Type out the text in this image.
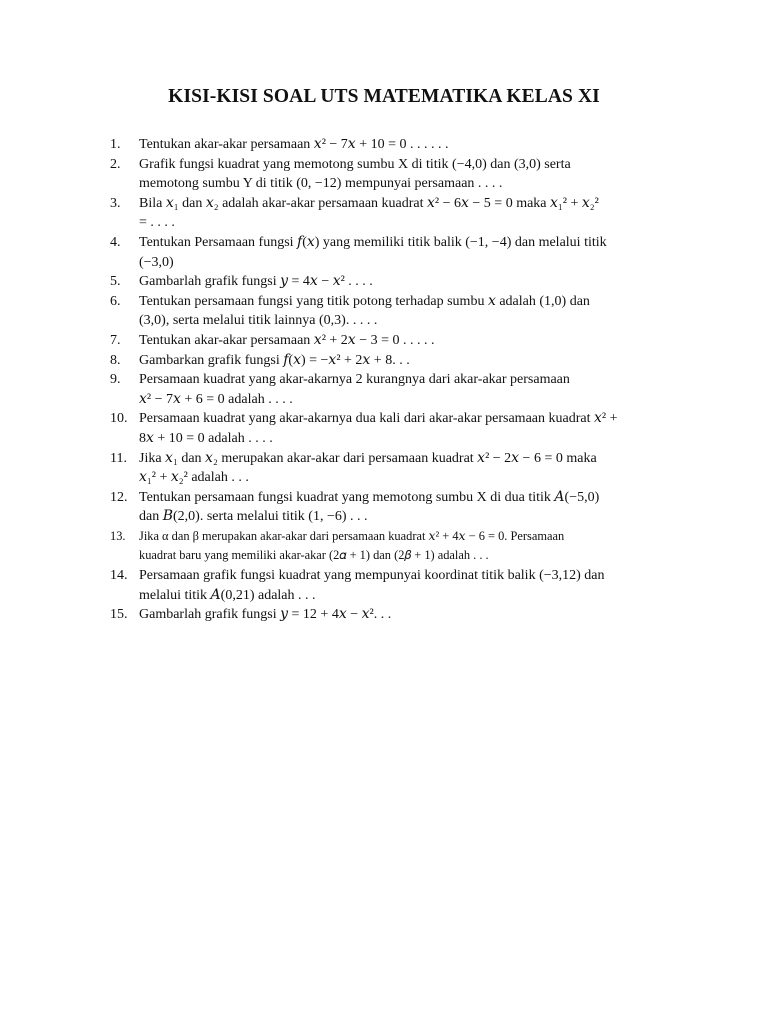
KISI-KISI SOAL UTS MATEMATIKA KELAS XI
1. Tentukan akar-akar persamaan 𝑥² − 7𝑥 + 10 = 0 . . . . . .
2. Grafik fungsi kuadrat yang memotong sumbu X di titik (−4,0) dan (3,0) serta
memotong sumbu Y di titik (0, −12) mempunyai persamaan . . . .
3. Bila 𝑥₁ dan 𝑥₂ adalah akar-akar persamaan kuadrat 𝑥² − 6𝑥 − 5 = 0 maka 𝑥₁² + 𝑥₂²
= . . . .
4. Tentukan Persamaan fungsi 𝑓(𝑥) yang memiliki titik balik (−1, −4) dan melalui titik
(−3,0)
5. Gambarlah grafik fungsi 𝑦 = 4𝑥 − 𝑥² . . . .
6. Tentukan persamaan fungsi yang titik potong terhadap sumbu 𝑥 adalah (1,0) dan
(3,0), serta melalui titik lainnya (0,3). . . . .
7. Tentukan akar-akar persamaan 𝑥² + 2𝑥 − 3 = 0 . . . . .
8. Gambarkan grafik fungsi 𝑓(𝑥) = −𝑥² + 2𝑥 + 8. . .
9. Persamaan kuadrat yang akar-akarnya 2 kurangnya dari akar-akar persamaan
𝑥² − 7𝑥 + 6 = 0 adalah . . . .
10. Persamaan kuadrat yang akar-akarnya dua kali dari akar-akar persamaan kuadrat 𝑥² +
8𝑥 + 10 = 0 adalah . . . .
11. Jika 𝑥₁ dan 𝑥₂ merupakan akar-akar dari persamaan kuadrat 𝑥² − 2𝑥 − 6 = 0 maka
𝑥₁² + 𝑥₂² adalah . . .
12. Tentukan persamaan fungsi kuadrat yang memotong sumbu X di dua titik 𝐴(−5,0)
dan 𝐵(2,0). serta melalui titik (1, −6) . . .
13. Jika α dan β merupakan akar-akar dari persamaan kuadrat 𝑥² + 4𝑥 − 6 = 0. Persamaan
kuadrat baru yang memiliki akar-akar (2𝛼 + 1) dan (2𝛽 + 1) adalah . . .
14. Persamaan grafik fungsi kuadrat yang mempunyai koordinat titik balik (−3,12) dan
melalui titik 𝐴(0,21) adalah . . .
15. Gambarlah grafik fungsi 𝑦 = 12 + 4𝑥 − 𝑥². . .
